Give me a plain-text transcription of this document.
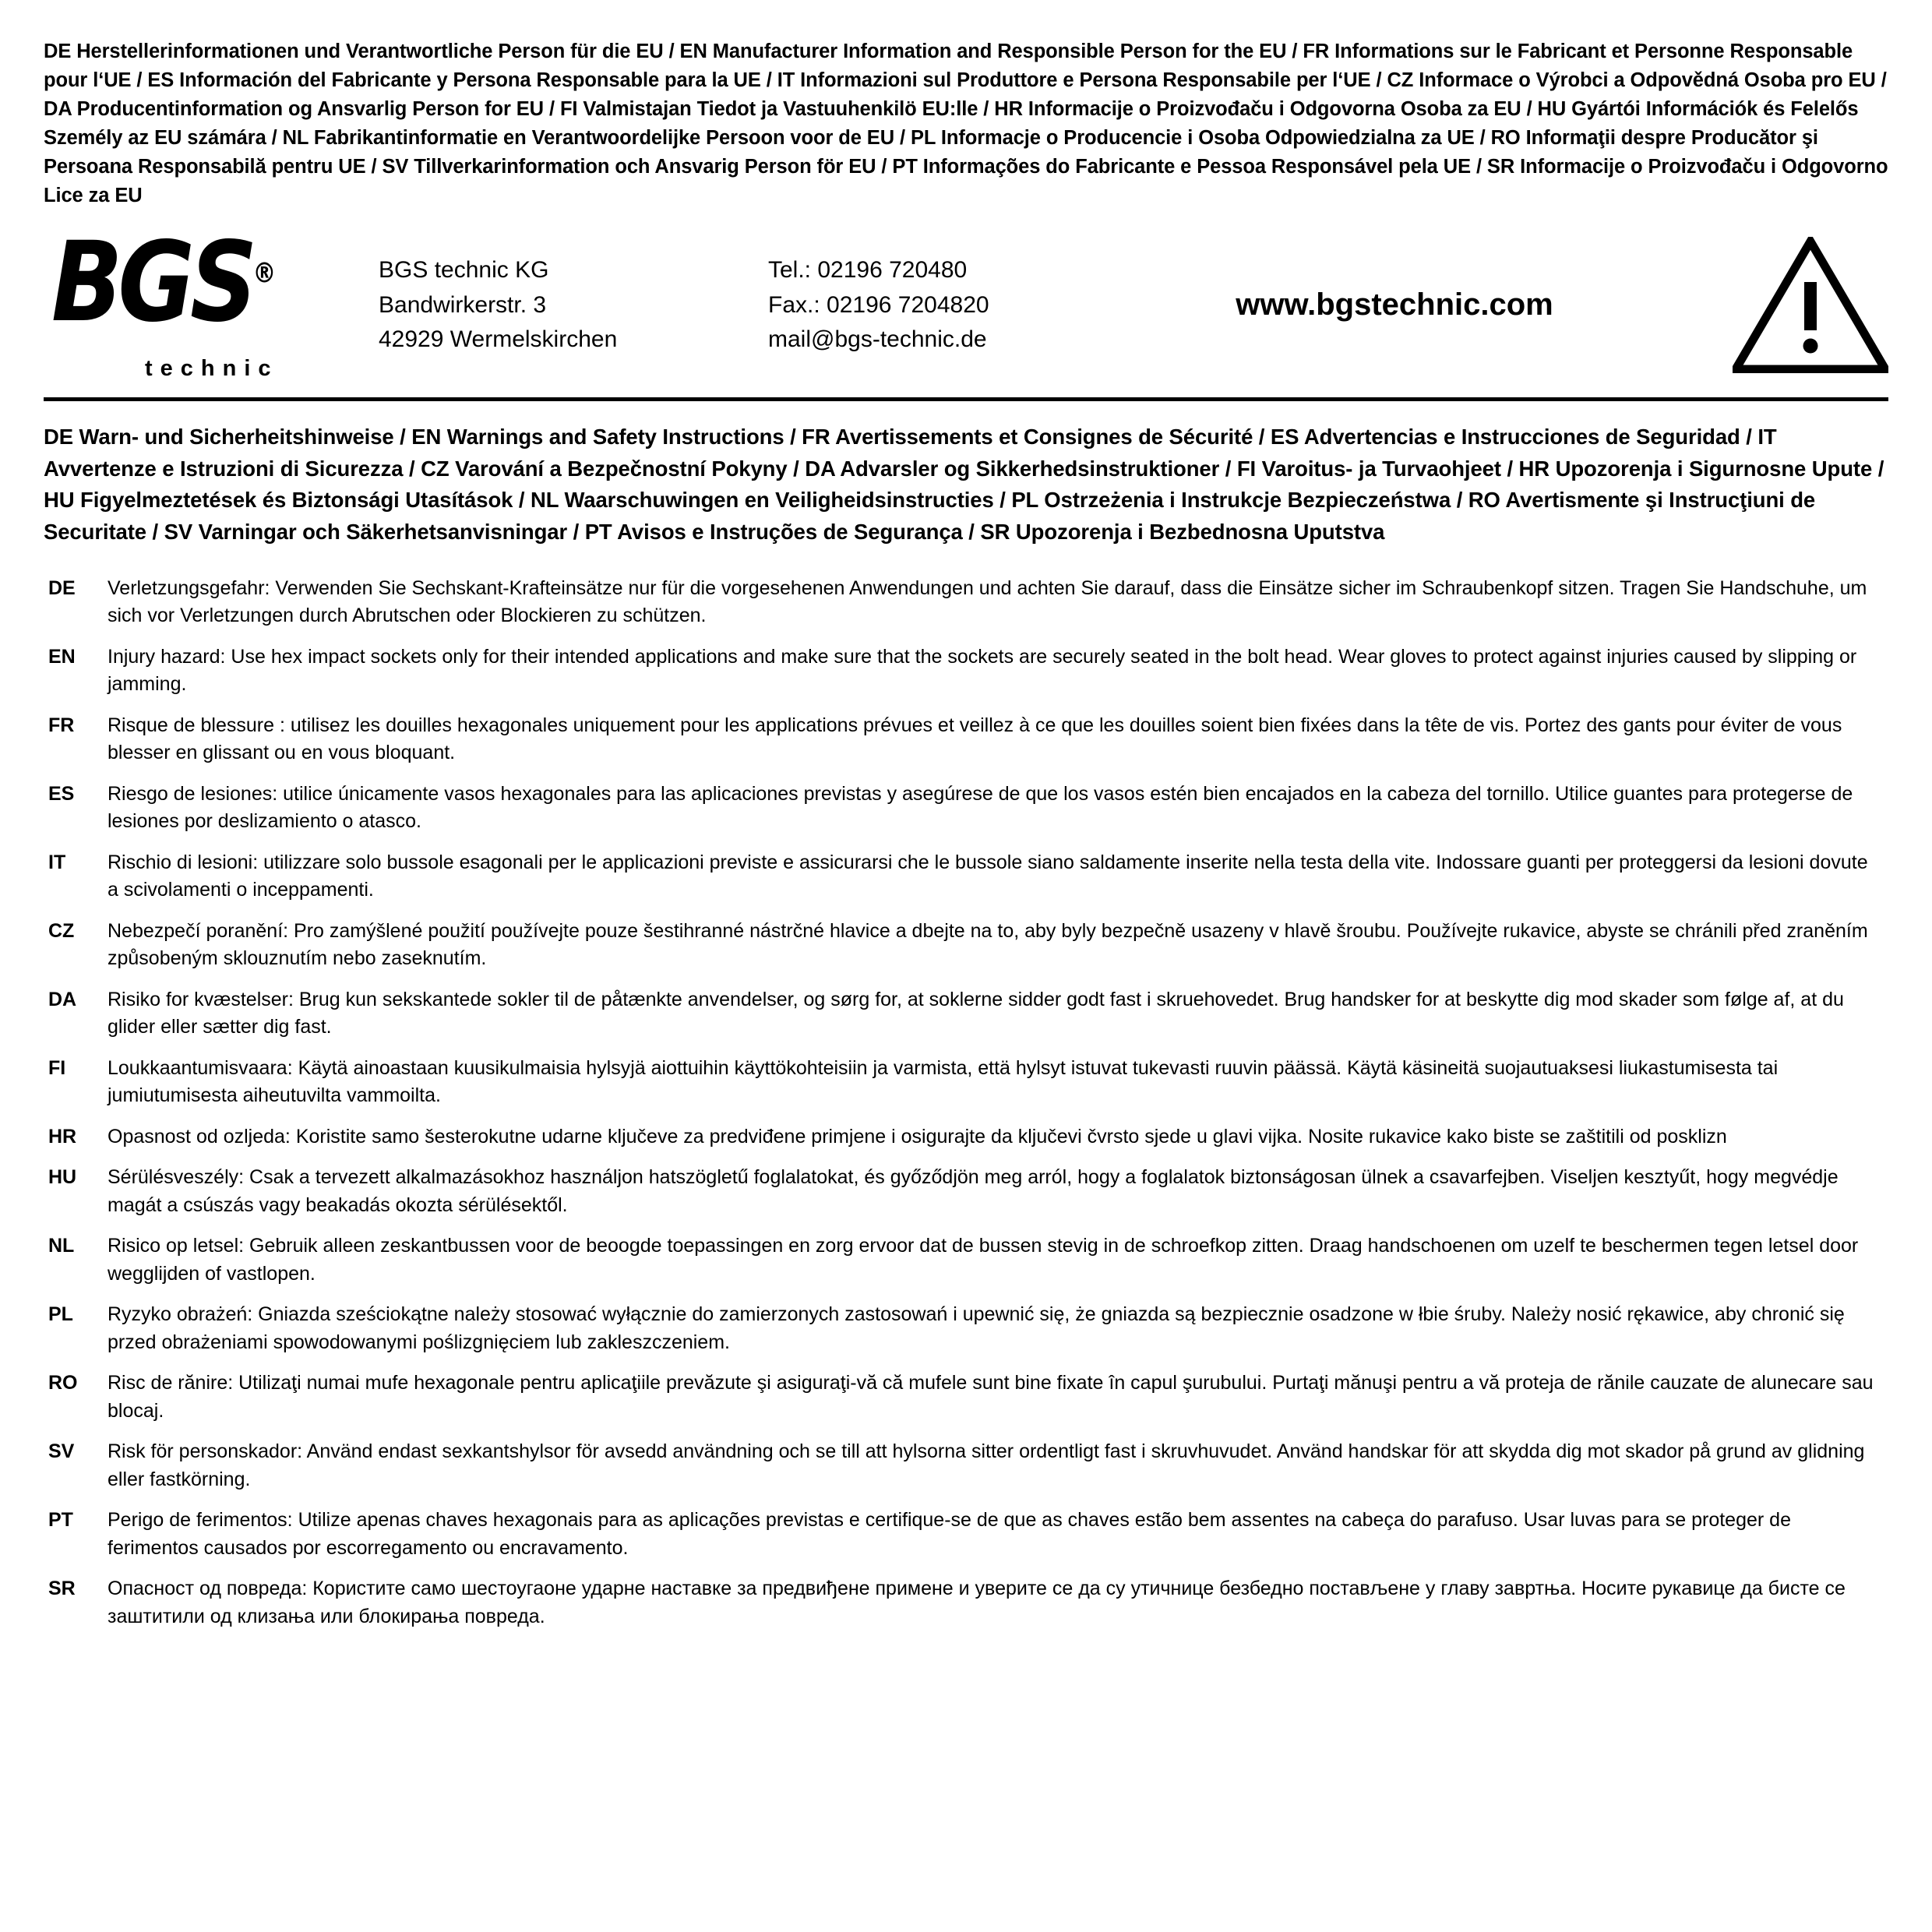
DE Herstellerinformationen und Verantwortliche Person für die EU / EN Manufacturer Information and Responsible Person for the EU / FR Informations sur le Fabricant et Personne Responsable pour l‘UE / ES Información del Fabricante y Persona Responsable para la UE / IT Informazioni sul Produttore e Persona Responsabile per l‘UE / CZ Informace o Výrobci a Odpovědná Osoba pro EU / DA Producentinformation og Ansvarlig Person for EU / FI Valmistajan Tiedot ja Vastuuhenkilö EU:lle / HR Informacije o Proizvođaču i Odgovorna Osoba za EU / HU Gyártói Információk és Felelős Személy az EU számára / NL Fabrikantinformatie en Verantwoordelijke Persoon voor de EU / PL Informacje o Producencie i Osoba Odpowiedzialna za UE / RO Informaţii despre Producător şi Persoana Responsabilă pentru UE / SV Tillverkarinformation och Ansvarig Person för EU / PT Informações do Fabricante e Pessoa Responsável pela UE / SR Informacije o Proizvođaču i Odgovorno Lice za EU
BGS®
technic
BGS technic KG
Bandwirkerstr. 3
42929 Wermelskirchen
Tel.: 02196 720480
Fax.: 02196 7204820
mail@bgs-technic.de
www.bgstechnic.com
DE Warn- und Sicherheitshinweise / EN Warnings and Safety Instructions / FR Avertissements et Consignes de Sécurité / ES Advertencias e Instrucciones de Seguridad / IT Avvertenze e Istruzioni di Sicurezza / CZ Varování a Bezpečnostní Pokyny / DA Advarsler og Sikkerhedsinstruktioner / FI Varoitus- ja Turvaohjeet / HR Upozorenja i Sigurnosne Upute / HU Figyelmeztetések és Biztonsági Utasítások / NL Waarschuwingen en Veiligheidsinstructies / PL Ostrzeżenia i Instrukcje Bezpieczeństwa / RO Avertismente şi Instrucţiuni de Securitate / SV Varningar och Säkerhetsanvisningar / PT Avisos e Instruções de Segurança / SR Upozorenja i Bezbednosna Uputstva
DE	Verletzungsgefahr: Verwenden Sie Sechskant-Krafteinsätze nur für die vorgesehenen Anwendungen und achten Sie darauf, dass die Einsätze sicher im Schraubenkopf sitzen. Tragen Sie Handschuhe, um sich vor Verletzungen durch Abrutschen oder Blockieren zu schützen.
EN	Injury hazard: Use hex impact sockets only for their intended applications and make sure that the sockets are securely seated in the bolt head. Wear gloves to protect against injuries caused by slipping or jamming.
FR	Risque de blessure : utilisez les douilles hexagonales uniquement pour les applications prévues et veillez à ce que les douilles soient bien fixées dans la tête de vis. Portez des gants pour éviter de vous blesser en glissant ou en vous bloquant.
ES	Riesgo de lesiones: utilice únicamente vasos hexagonales para las aplicaciones previstas y asegúrese de que los vasos estén bien encajados en la cabeza del tornillo. Utilice guantes para protegerse de lesiones por deslizamiento o atasco.
IT	Rischio di lesioni: utilizzare solo bussole esagonali per le applicazioni previste e assicurarsi che le bussole siano saldamente inserite nella testa della vite. Indossare guanti per proteggersi da lesioni dovute a scivolamenti o inceppamenti.
CZ	Nebezpečí poranění: Pro zamýšlené použití používejte pouze šestihranné nástrčné hlavice a dbejte na to, aby byly bezpečně usazeny v hlavě šroubu. Používejte rukavice, abyste se chránili před zraněním způsobeným sklouznutím nebo zaseknutím.
DA	Risiko for kvæstelser: Brug kun sekskantede sokler til de påtænkte anvendelser, og sørg for, at soklerne sidder godt fast i skruehovedet. Brug handsker for at beskytte dig mod skader som følge af, at du glider eller sætter dig fast.
FI	Loukkaantumisvaara: Käytä ainoastaan kuusikulmaisia hylsyjä aiottuihin käyttökohteisiin ja varmista, että hylsyt istuvat tukevasti ruuvin päässä. Käytä käsineitä suojautuaksesi liukastumisesta tai jumiutumisesta aiheutuvilta vammoilta.
HR	Opasnost od ozljeda: Koristite samo šesterokutne udarne ključeve za predviđene primjene i osigurajte da ključevi čvrsto sjede u glavi vijka. Nosite rukavice kako biste se zaštitili od posklizn
HU	Sérülésveszély: Csak a tervezett alkalmazásokhoz használjon hatszögletű foglalatokat, és győződjön meg arról, hogy a foglalatok biztonságosan ülnek a csavarfejben. Viseljen kesztyűt, hogy megvédje magát a csúszás vagy beakadás okozta sérülésektől.
NL	Risico op letsel: Gebruik alleen zeskantbussen voor de beoogde toepassingen en zorg ervoor dat de bussen stevig in de schroefkop zitten. Draag handschoenen om uzelf te beschermen tegen letsel door wegglijden of vastlopen.
PL	Ryzyko obrażeń: Gniazda sześciokątne należy stosować wyłącznie do zamierzonych zastosowań i upewnić się, że gniazda są bezpiecznie osadzone w łbie śruby. Należy nosić rękawice, aby chronić się przed obrażeniami spowodowanymi poślizgnięciem lub zakleszczeniem.
RO	Risc de rănire: Utilizaţi numai mufe hexagonale pentru aplicaţiile prevăzute şi asiguraţi-vă că mufele sunt bine fixate în capul şurubului. Purtaţi mănuşi pentru a vă proteja de rănile cauzate de alunecare sau blocaj.
SV	Risk för personskador: Använd endast sexkantshylsor för avsedd användning och se till att hylsorna sitter ordentligt fast i skruvhuvudet. Använd handskar för att skydda dig mot skador på grund av glidning eller fastkörning.
PT	Perigo de ferimentos: Utilize apenas chaves hexagonais para as aplicações previstas e certifique-se de que as chaves estão bem assentes na cabeça do parafuso. Usar luvas para se proteger de ferimentos causados por escorregamento ou encravamento.
SR	Опасност од повреда: Користите само шестоугаоне ударне наставке за предвиђене примене и уверите се да су утичнице безбедно постављене у главу завртња. Носите рукавице да бисте се заштитили од клизања или блокирања повреда.
